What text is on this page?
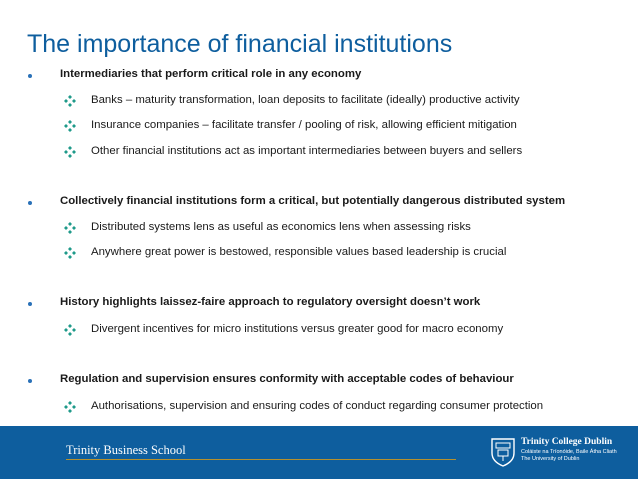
The importance of financial institutions
Intermediaries that perform critical role in any economy
Banks – maturity transformation, loan deposits to facilitate (ideally) productive activity
Insurance companies – facilitate transfer / pooling of risk, allowing efficient mitigation
Other financial institutions act as important intermediaries between buyers and sellers
Collectively financial institutions form a critical, but potentially dangerous distributed system
Distributed systems lens as useful as economics lens when assessing risks
Anywhere great power is bestowed, responsible values based leadership is crucial
History highlights laissez-faire approach to regulatory oversight doesn’t work
Divergent incentives for micro institutions versus greater good for macro economy
Regulation and supervision ensures conformity with acceptable codes of behaviour
Authorisations, supervision and ensuring codes of conduct regarding consumer protection
Trinity Business School
Trinity College Dublin
Coláiste na Tríonóide, Baile Átha Cliath
The University of Dublin
